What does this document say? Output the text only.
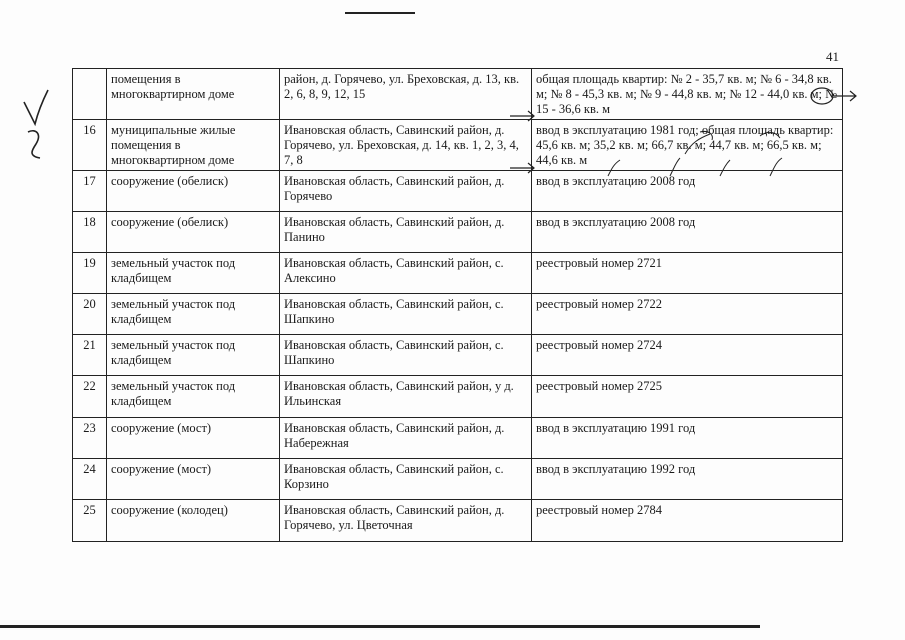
41
	помещения в многоквартирном доме	район, д. Горячево, ул. Бреховская, д. 13, кв. 2, 6, 8, 9, 12, 15	общая площадь квартир: № 2 - 35,7 кв. м; № 6 - 34,8 кв. м; № 8 - 45,3 кв. м; № 9 - 44,8 кв. м; № 12 - 44,0 кв. м; № 15 - 36,6 кв. м
16	муниципальные жилые помещения в многоквартирном доме	Ивановская область, Савинский район, д. Горячево, ул. Бреховская, д. 14, кв. 1, 2, 3, 4, 7, 8	ввод в эксплуатацию 1981 год; общая площадь квартир: 45,6 кв. м; 35,2 кв. м; 66,7 кв. м; 44,7 кв. м; 66,5 кв. м; 44,6 кв. м
17	сооружение (обелиск)	Ивановская область, Савинский район, д. Горячево	ввод в эксплуатацию 2008 год
18	сооружение (обелиск)	Ивановская область, Савинский район, д. Панино	ввод в эксплуатацию 2008 год
19	земельный участок под кладбищем	Ивановская область, Савинский район, с. Алексино	реестровый номер 2721
20	земельный участок под кладбищем	Ивановская область, Савинский район, с. Шапкино	реестровый номер 2722
21	земельный участок под кладбищем	Ивановская область, Савинский район, с. Шапкино	реестровый номер 2724
22	земельный участок под кладбищем	Ивановская область, Савинский район, у д. Ильинская	реестровый номер 2725
23	сооружение (мост)	Ивановская область, Савинский район, д. Набережная	ввод в эксплуатацию 1991 год
24	сооружение (мост)	Ивановская область, Савинский район, с. Корзино	ввод в эксплуатацию 1992 год
25	сооружение (колодец)	Ивановская область, Савинский район, д. Горячево, ул. Цветочная	реестровый номер 2784
